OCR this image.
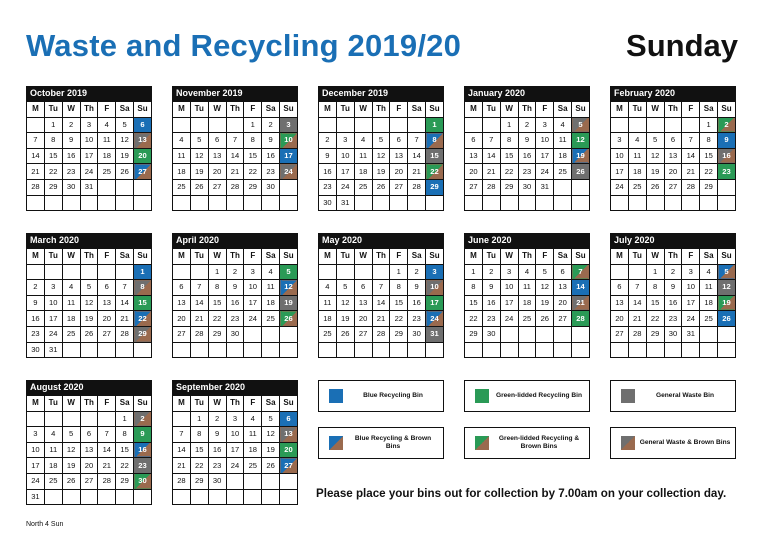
Waste and Recycling 2019/20	Sunday
October 2019
M	Tu	W	Th	F	Sa	Su
	1	2	3	4	5	6
7	8	9	10	11	12	13
14	15	16	17	18	19	20
21	22	23	24	25	26	27
28	29	30	31			

November 2019
M	Tu	W	Th	F	Sa	Su
				1	2	3
4	5	6	7	8	9	10
11	12	13	14	15	16	17
18	19	20	21	22	23	24
25	26	27	28	29	30	

December 2019
M	Tu	W	Th	F	Sa	Su
						1
2	3	4	5	6	7	8
9	10	11	12	13	14	15
16	17	18	19	20	21	22
23	24	25	26	27	28	29
30	31					
January 2020
M	Tu	W	Th	F	Sa	Su
		1	2	3	4	5
6	7	8	9	10	11	12
13	14	15	16	17	18	19
20	21	22	23	24	25	26
27	28	29	30	31		

February 2020
M	Tu	W	Th	F	Sa	Su
					1	2
3	4	5	6	7	8	9
10	11	12	13	14	15	16
17	18	19	20	21	22	23
24	25	26	27	28	29	

March 2020
M	Tu	W	Th	F	Sa	Su
						1
2	3	4	5	6	7	8
9	10	11	12	13	14	15
16	17	18	19	20	21	22
23	24	25	26	27	28	29
30	31					
April 2020
M	Tu	W	Th	F	Sa	Su
		1	2	3	4	5
6	7	8	9	10	11	12
13	14	15	16	17	18	19
20	21	22	23	24	25	26
27	28	29	30			

May 2020
M	Tu	W	Th	F	Sa	Su
				1	2	3
4	5	6	7	8	9	10
11	12	13	14	15	16	17
18	19	20	21	22	23	24
25	26	27	28	29	30	31

June 2020
M	Tu	W	Th	F	Sa	Su
1	2	3	4	5	6	7
8	9	10	11	12	13	14
15	16	17	18	19	20	21
22	23	24	25	26	27	28
29	30					

July 2020
M	Tu	W	Th	F	Sa	Su
		1	2	3	4	5
6	7	8	9	10	11	12
13	14	15	16	17	18	19
20	21	22	23	24	25	26
27	28	29	30	31		

August 2020
M	Tu	W	Th	F	Sa	Su
					1	2
3	4	5	6	7	8	9
10	11	12	13	14	15	16
17	18	19	20	21	22	23
24	25	26	27	28	29	30
31						
September 2020
M	Tu	W	Th	F	Sa	Su
	1	2	3	4	5	6
7	8	9	10	11	12	13
14	15	16	17	18	19	20
21	22	23	24	25	26	27
28	29	30				

Blue Recycling Bin	Green-lidded Recycling Bin	General Waste Bin
Blue Recycling & Brown Bins
Green-lidded Recycling & Brown Bins
General Waste & Brown Bins
Please place your bins out for collection by 7.00am on your collection day.
North 4 Sun
